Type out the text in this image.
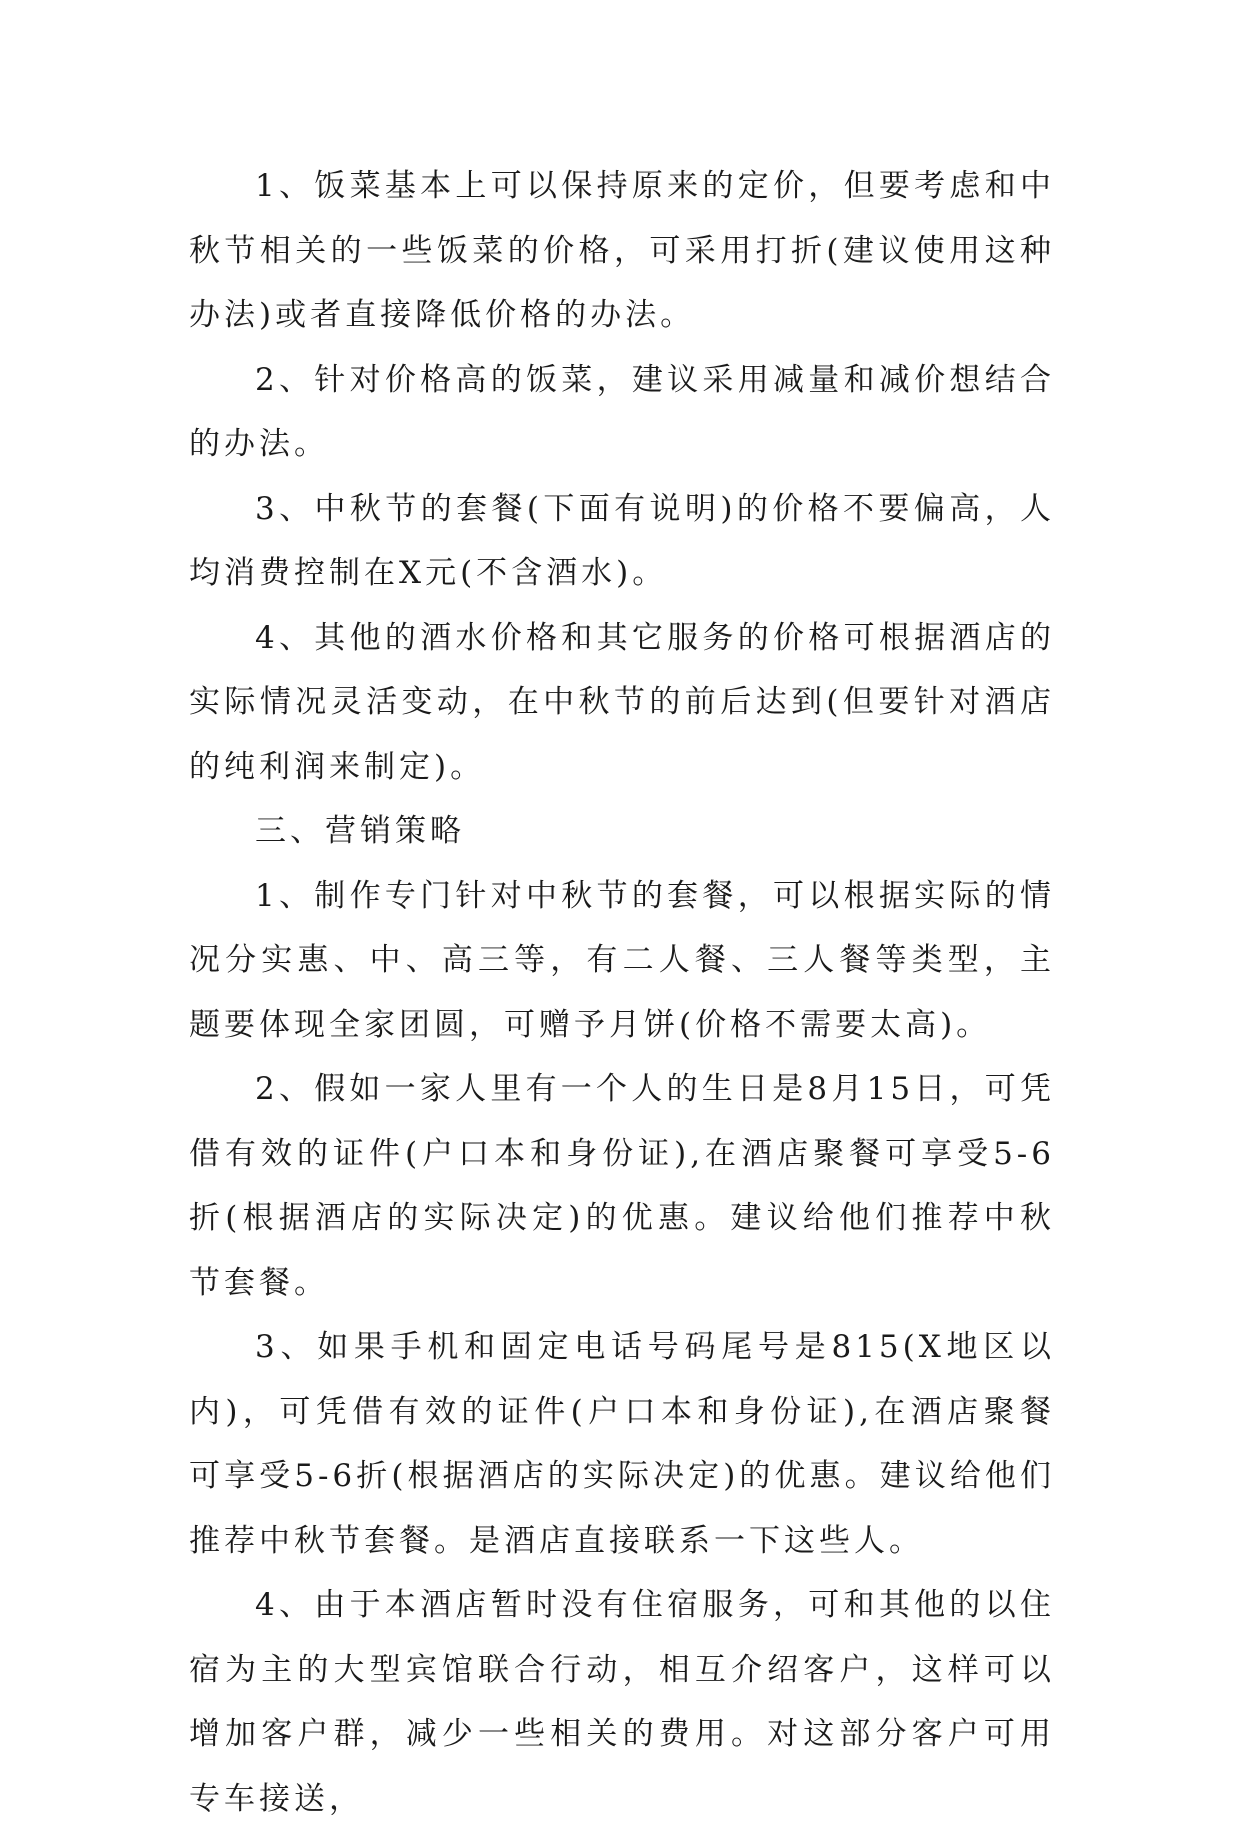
1、饭菜基本上可以保持原来的定价，但要考虑和中秋节相关的一些饭菜的价格，可采用打折(建议使用这种办法)或者直接降低价格的办法。

2、针对价格高的饭菜，建议采用减量和减价想结合的办法。

3、中秋节的套餐(下面有说明)的价格不要偏高，人均消费控制在X元(不含酒水)。

4、其他的酒水价格和其它服务的价格可根据酒店的实际情况灵活变动，在中秋节的前后达到(但要针对酒店的纯利润来制定)。

三、营销策略

1、制作专门针对中秋节的套餐，可以根据实际的情况分实惠、中、高三等，有二人餐、三人餐等类型，主题要体现全家团圆，可赠予月饼(价格不需要太高)。

2、假如一家人里有一个人的生日是8月15日，可凭借有效的证件(户口本和身份证),在酒店聚餐可享受5-6折(根据酒店的实际决定)的优惠。建议给他们推荐中秋节套餐。

3、如果手机和固定电话号码尾号是815(X地区以内)，可凭借有效的证件(户口本和身份证),在酒店聚餐可享受5-6折(根据酒店的实际决定)的优惠。建议给他们推荐中秋节套餐。是酒店直接联系一下这些人。

4、由于本酒店暂时没有住宿服务，可和其他的以住宿为主的大型宾馆联合行动，相互介绍客户，这样可以增加客户群，减少一些相关的费用。对这部分客户可用专车接送，
